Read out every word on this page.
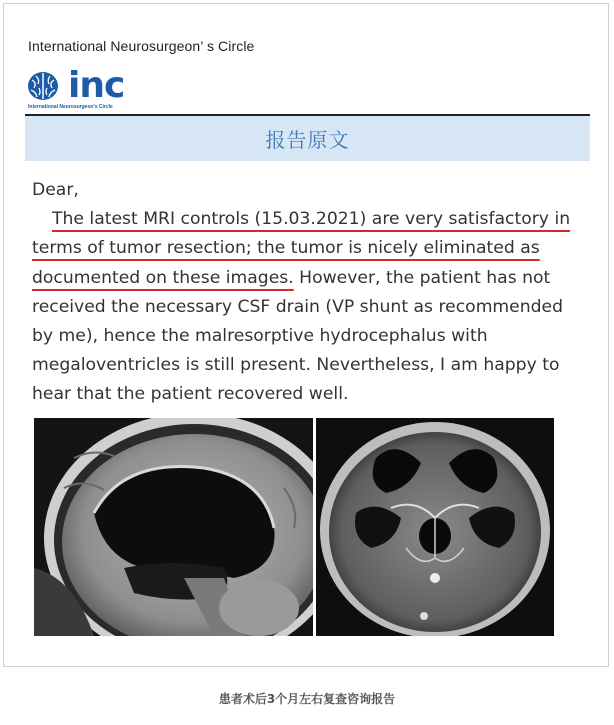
International Neurosurgeon’ s Circle
inc
International Neurosurgeon's Circle
报告原文
Dear,
The latest MRI controls (15.03.2021) are very satisfactory in terms of tumor resection; the tumor is nicely eliminated as documented on these images. However, the patient has not received the necessary CSF drain (VP shunt as recommended by me), hence the malresorptive hydrocephalus with megaloventricles is still present. Nevertheless, I am happy to hear that the patient recovered well.
患者术后3个月左右复查咨询报告
